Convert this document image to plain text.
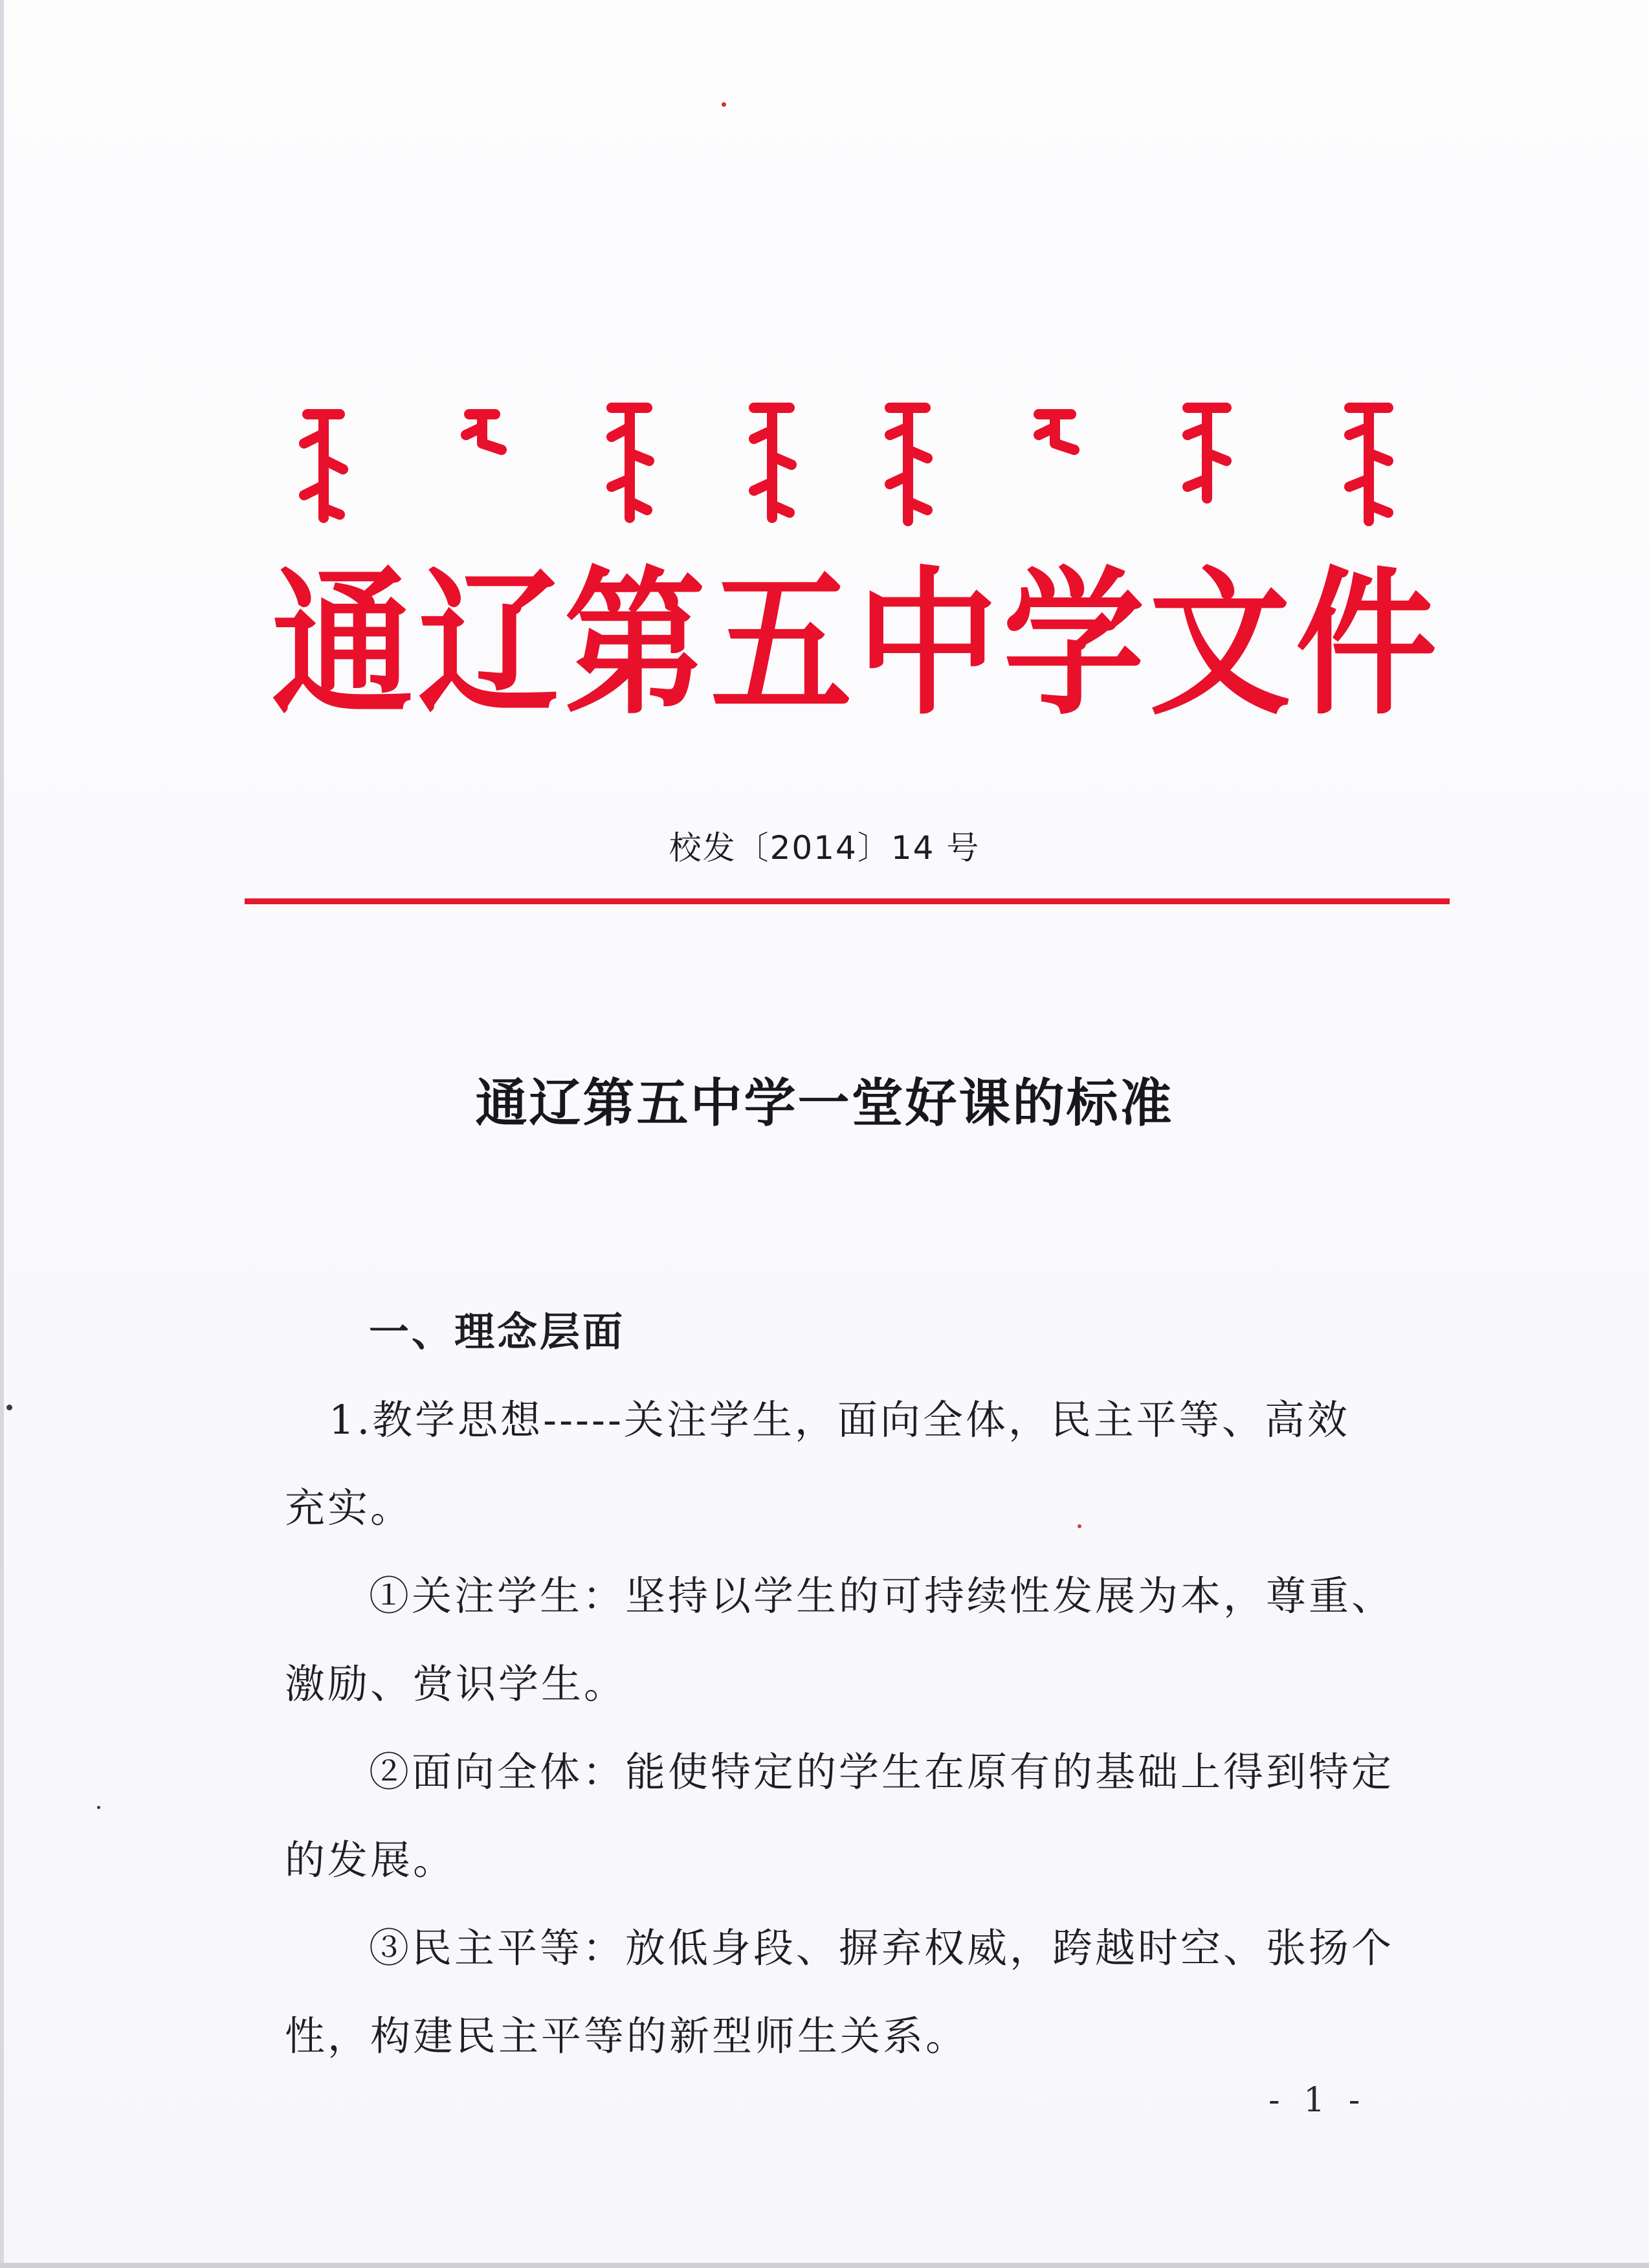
通辽第五中学文件
校发〔2014〕14 号
通辽第五中学一堂好课的标准

一、理念层面

1.教学思想-----关注学生，面向全体，民主平等、高效

充实。

①关注学生：坚持以学生的可持续性发展为本，尊重、

激励、赏识学生。

②面向全体：能使特定的学生在原有的基础上得到特定

的发展。

③民主平等：放低身段、摒弃权威，跨越时空、张扬个

性，构建民主平等的新型师生关系。

- 1 -
